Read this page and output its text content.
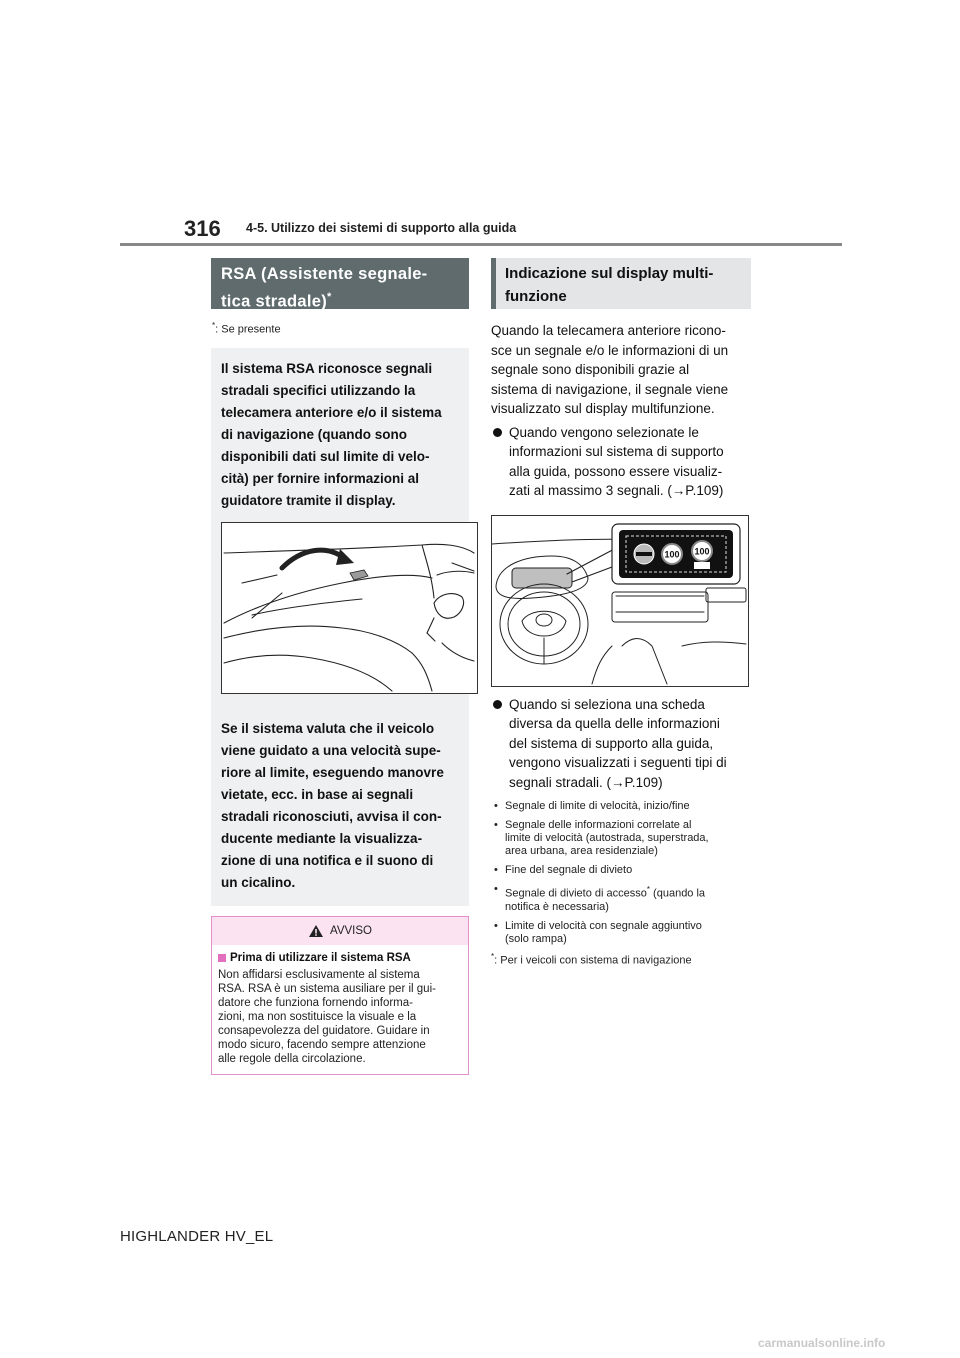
316 4-5. Utilizzo dei sistemi di supporto alla guida
RSA (Assistente segnale-
tica stradale)*
*: Se presente
Il sistema RSA riconosce segnali
stradali specifici utilizzando la
telecamera anteriore e/o il sistema
di navigazione (quando sono
disponibili dati sul limite di velo-
cità) per fornire informazioni al
guidatore tramite il display.
Se il sistema valuta che il veicolo
viene guidato a una velocità supe-
riore al limite, eseguendo manovre
vietate, ecc. in base ai segnali
stradali riconosciuti, avvisa il con-
ducente mediante la visualizza-
zione di una notifica e il suono di
un cicalino.
AVVISO
Prima di utilizzare il sistema RSA
Non affidarsi esclusivamente al sistema
RSA. RSA è un sistema ausiliare per il gui-
datore che funziona fornendo informa-
zioni, ma non sostituisce la visuale e la
consapevolezza del guidatore. Guidare in
modo sicuro, facendo sempre attenzione
alle regole della circolazione.
Indicazione sul display multi-
funzione
Quando la telecamera anteriore ricono-
sce un segnale e/o le informazioni di un
segnale sono disponibili grazie al
sistema di navigazione, il segnale viene
visualizzato sul display multifunzione.
Quando vengono selezionate le
informazioni sul sistema di supporto
alla guida, possono essere visualiz-
zati al massimo 3 segnali. (→P.109)
100 100
Quando si seleziona una scheda
diversa da quella delle informazioni
del sistema di supporto alla guida,
vengono visualizzati i seguenti tipi di
segnali stradali. (→P.109)
• Segnale di limite di velocità, inizio/fine
• Segnale delle informazioni correlate al
limite di velocità (autostrada, superstrada,
area urbana, area residenziale)
• Fine del segnale di divieto
• Segnale di divieto di accesso* (quando la
notifica è necessaria)
• Limite di velocità con segnale aggiuntivo
(solo rampa)
*: Per i veicoli con sistema di navigazione
HIGHLANDER HV_EL
carmanualsonline.info
